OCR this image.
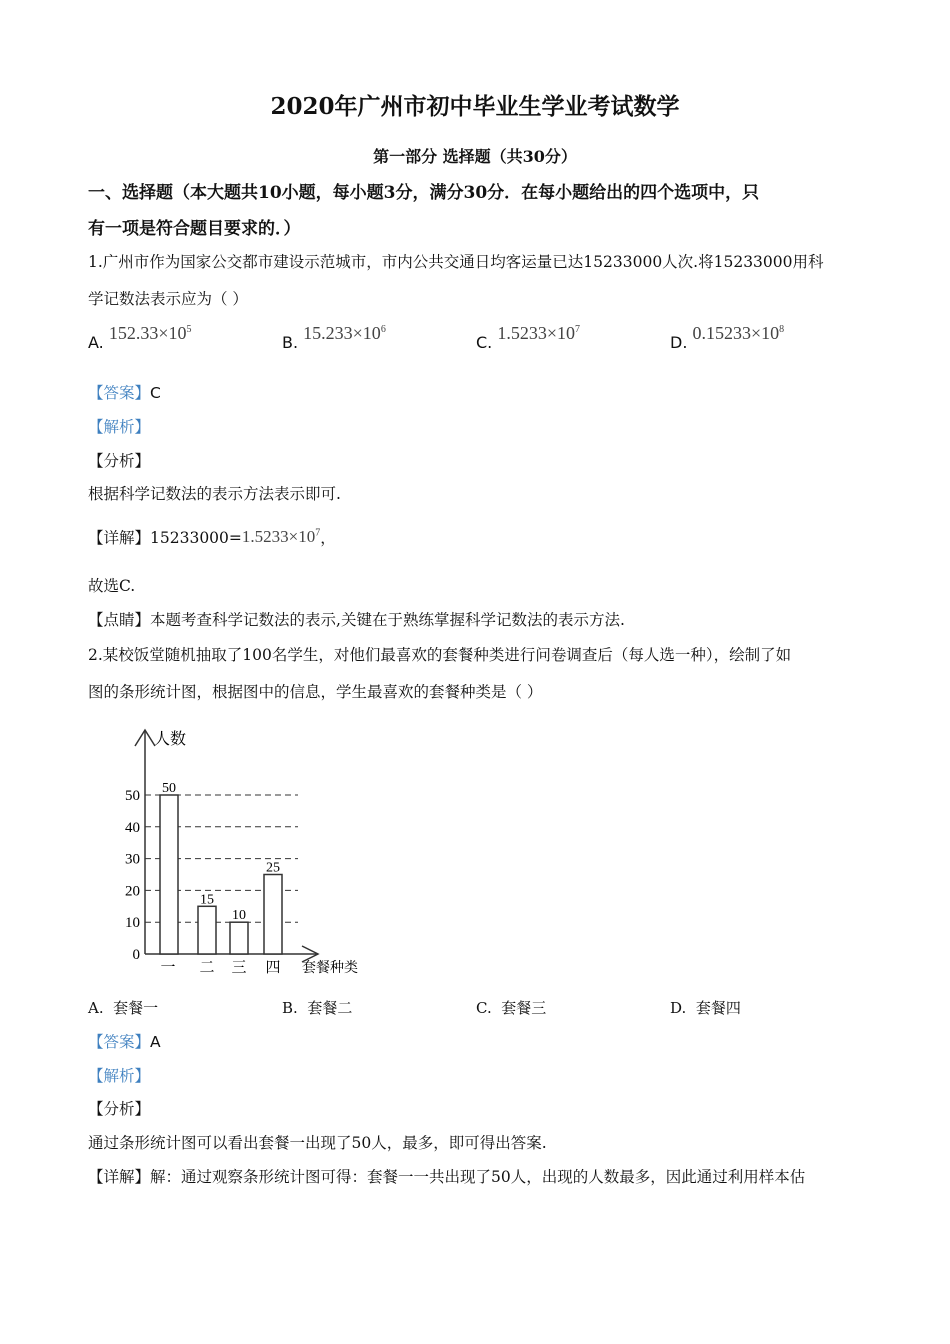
2020年广州市初中毕业生学业考试数学
第一部分 选择题（共30分）
一、选择题（本大题共10小题，每小题3分，满分30分．在每小题给出的四个选项中，只
有一项是符合题目要求的．）
1.广州市作为国家公交都市建设示范城市，市内公共交通日均客运量已达15233000人次.将15233000用科
学记数法表示应为（ ）
A. $152.33\times 10^5$
B. $15.233\times 10^6$
C. $1.5233\times 10^7$
D. $0.15233\times 10^8$
【答案】C
【解析】
【分析】
根据科学记数法的表示方法表示即可.
【详解】$15233000=1.5233\times 10^7$，
故选C.
【点睛】本题考查科学记数法的表示,关键在于熟练掌握科学记数法的表示方法.
2.某校饭堂随机抽取了100名学生，对他们最喜欢的套餐种类进行问卷调查后（每人选一种），绘制了如
图的条形统计图，根据图中的信息，学生最喜欢的套餐种类是（ ）
人数
套餐种类
0
10
20
30
40
50 50
一
15
二
10
三
25
四
A. 套餐一	B. 套餐二	C. 套餐三	D. 套餐四
【答案】A
【解析】
【分析】
通过条形统计图可以看出套餐一出现了50人，最多，即可得出答案.
【详解】解：通过观察条形统计图可得：套餐一一共出现了50人，出现的人数最多，因此通过利用样本估
